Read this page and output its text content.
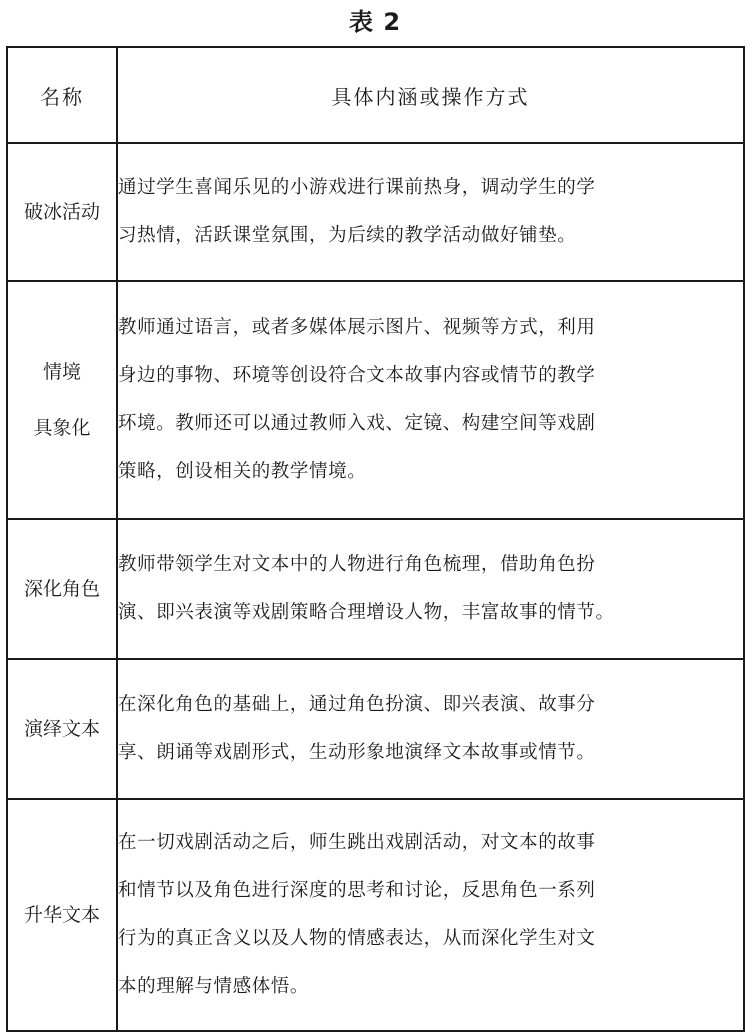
表 2
名称	具体内涵或操作方式

破冰活动	通过学生喜闻乐见的小游戏进行课前热身，调动学生的学
习热情，活跃课堂氛围，为后续的教学活动做好铺垫。

情境
具象化	教师通过语言，或者多媒体展示图片、视频等方式，利用
身边的事物、环境等创设符合文本故事内容或情节的教学
环境。教师还可以通过教师入戏、定镜、构建空间等戏剧
策略，创设相关的教学情境。

深化角色	教师带领学生对文本中的人物进行角色梳理，借助角色扮
演、即兴表演等戏剧策略合理增设人物，丰富故事的情节。

演绎文本	在深化角色的基础上，通过角色扮演、即兴表演、故事分
享、朗诵等戏剧形式，生动形象地演绎文本故事或情节。

升华文本	在一切戏剧活动之后，师生跳出戏剧活动，对文本的故事
和情节以及角色进行深度的思考和讨论，反思角色一系列
行为的真正含义以及人物的情感表达，从而深化学生对文
本的理解与情感体悟。
